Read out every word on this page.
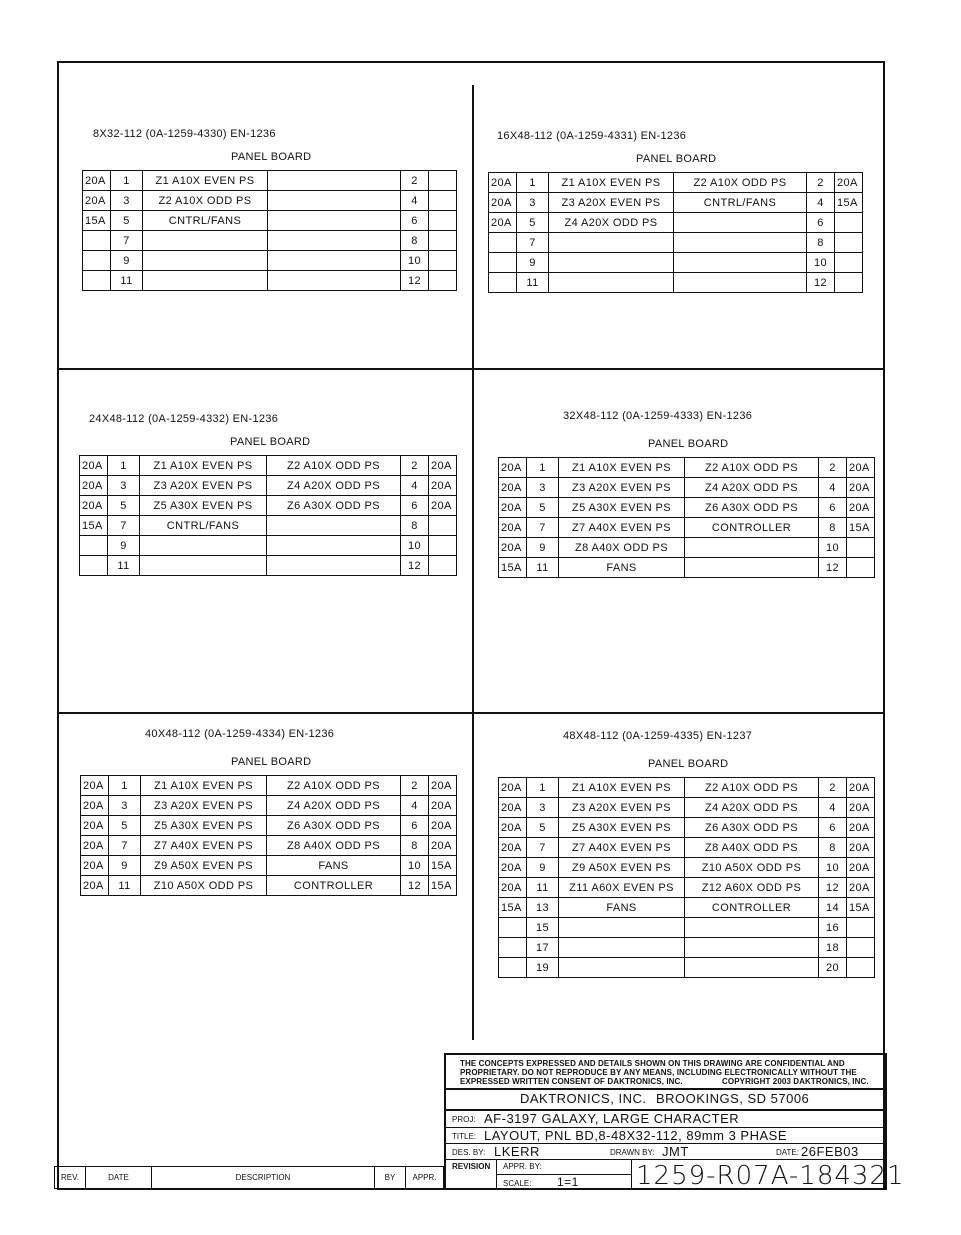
8X32-112 (0A-1259-4330) EN-1236
PANEL BOARD
20A	1	Z1 A10X EVEN PS		2	
20A	3	Z2 A10X ODD PS		4	
15A	5	CNTRL/FANS		6	
	7			8	
	9			10	
	11			12	
16X48-112 (0A-1259-4331) EN-1236
PANEL BOARD
20A	1	Z1 A10X EVEN PS	Z2 A10X ODD PS	2	20A
20A	3	Z3 A20X EVEN PS	CNTRL/FANS	4	15A
20A	5	Z4 A20X ODD PS		6	
	7			8	
	9			10	
	11			12	
24X48-112 (0A-1259-4332) EN-1236
PANEL BOARD
20A	1	Z1 A10X EVEN PS	Z2 A10X ODD PS	2	20A
20A	3	Z3 A20X EVEN PS	Z4 A20X ODD PS	4	20A
20A	5	Z5 A30X EVEN PS	Z6 A30X ODD PS	6	20A
15A	7	CNTRL/FANS		8	
	9			10	
	11			12	
32X48-112 (0A-1259-4333) EN-1236
PANEL BOARD
20A	1	Z1 A10X EVEN PS	Z2 A10X ODD PS	2	20A
20A	3	Z3 A20X EVEN PS	Z4 A20X ODD PS	4	20A
20A	5	Z5 A30X EVEN PS	Z6 A30X ODD PS	6	20A
20A	7	Z7 A40X EVEN PS	CONTROLLER	8	15A
20A	9	Z8 A40X ODD PS		10	
15A	11	FANS		12	
40X48-112 (0A-1259-4334) EN-1236
PANEL BOARD
20A	1	Z1 A10X EVEN PS	Z2 A10X ODD PS	2	20A
20A	3	Z3 A20X EVEN PS	Z4 A20X ODD PS	4	20A
20A	5	Z5 A30X EVEN PS	Z6 A30X ODD PS	6	20A
20A	7	Z7 A40X EVEN PS	Z8 A40X ODD PS	8	20A
20A	9	Z9 A50X EVEN PS	FANS	10	15A
20A	11	Z10 A50X ODD PS	CONTROLLER	12	15A
48X48-112 (0A-1259-4335) EN-1237
PANEL BOARD
20A	1	Z1 A10X EVEN PS	Z2 A10X ODD PS	2	20A
20A	3	Z3 A20X EVEN PS	Z4 A20X ODD PS	4	20A
20A	5	Z5 A30X EVEN PS	Z6 A30X ODD PS	6	20A
20A	7	Z7 A40X EVEN PS	Z8 A40X ODD PS	8	20A
20A	9	Z9 A50X EVEN PS	Z10 A50X ODD PS	10	20A
20A	11	Z11 A60X EVEN PS	Z12 A60X ODD PS	12	20A
15A	13	FANS	CONTROLLER	14	15A
	15			16	
	17			18	
	19			20	
REV.	DATE	DESCRIPTION	BY	APPR.
THE CONCEPTS EXPRESSED AND DETAILS SHOWN ON THIS DRAWING ARE CONFIDENTIAL AND
PROPRIETARY. DO NOT REPRODUCE BY ANY MEANS, INCLUDING ELECTRONICALLY WITHOUT THE
EXPRESSED WRITTEN CONSENT OF DAKTRONICS, INC.	COPYRIGHT 2003 DAKTRONICS, INC.
DAKTRONICS, INC. BROOKINGS, SD 57006
PROJ: AF-3197 GALAXY, LARGE CHARACTER
TITLE: LAYOUT, PNL BD,8-48X32-112, 89mm 3 PHASE
DES. BY: LKERR	DRAWN BY: JMT	DATE: 26FEB03
REVISION APPR. BY:
SCALE: 1=1 1259-R07A-184321
